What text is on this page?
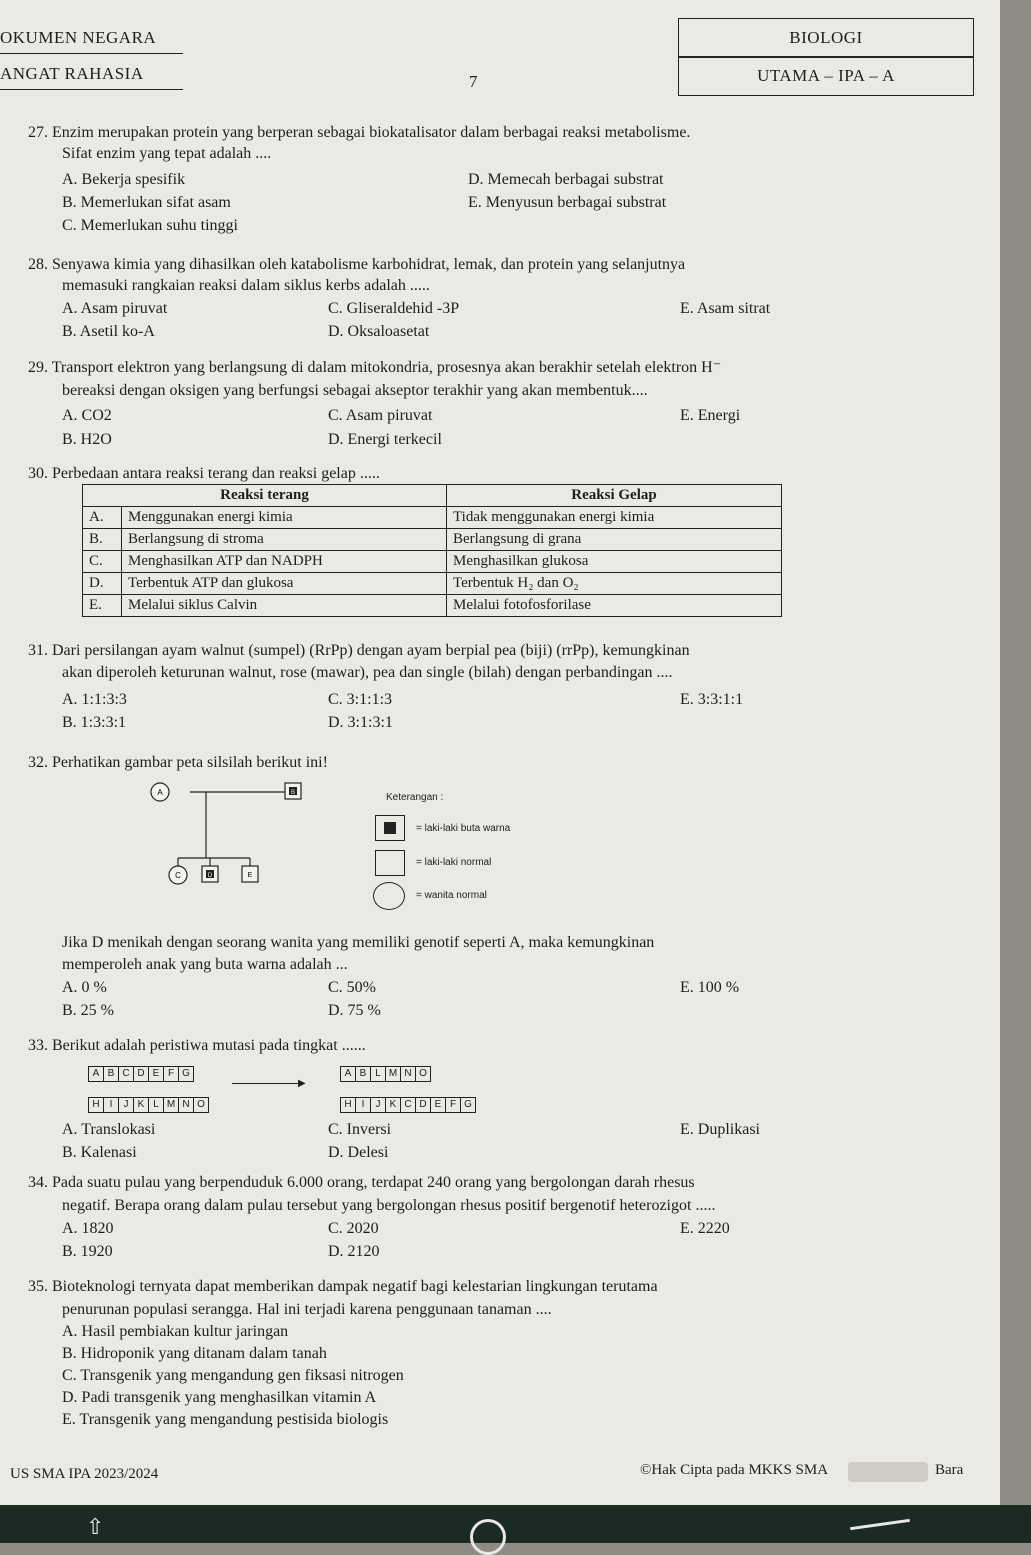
OKUMEN NEGARA
ANGAT RAHASIA	7
BIOLOGI
UTAMA – IPA – A
27. Enzim merupakan protein yang berperan sebagai biokatalisator dalam berbagai reaksi metabolisme.
Sifat enzim yang tepat adalah ....
A. Bekerja spesifik
B. Memerlukan sifat asam
C. Memerlukan suhu tinggi
D. Memecah berbagai substrat
E. Menyusun berbagai substrat
28. Senyawa kimia yang dihasilkan oleh katabolisme karbohidrat, lemak, dan protein yang selanjutnya
memasuki rangkaian reaksi dalam siklus kerbs adalah .....
A. Asam piruvat
B. Asetil ko-A
C. Gliseraldehid -3P
D. Oksaloasetat
E. Asam sitrat
29. Transport elektron yang berlangsung di dalam mitokondria, prosesnya akan berakhir setelah elektron H⁻
bereaksi dengan oksigen yang berfungsi sebagai akseptor terakhir yang akan membentuk....
A. CO2
B. H2O
C. Asam piruvat
D. Energi terkecil
E. Energi
30. Perbedaan antara reaksi terang dan reaksi gelap .....
Reaksi terang		Reaksi Gelap
A.	Menggunakan energi kimia	Tidak menggunakan energi kimia
B.	Berlangsung di stroma	Berlangsung di grana
C.	Menghasilkan ATP dan NADPH	Menghasilkan glukosa
D.	Terbentuk ATP dan glukosa	Terbentuk H₂ dan O₂
E.	Melalui siklus Calvin	Melalui fotofosforilase
31. Dari persilangan ayam walnut (sumpel) (RrPp) dengan ayam berpial pea (biji) (rrPp), kemungkinan
akan diperoleh keturunan walnut, rose (mawar), pea dan single (bilah) dengan perbandingan ....
A. 1:1:3:3
B. 1:3:3:1
C. 3:1:1:3
D. 3:1:3:1
E. 3:3:1:1
32. Perhatikan gambar peta silsilah berikut ini!
A	B
C	D	E
Keterangan :
= laki-laki buta warna
= laki-laki normal
= wanita normal
Jika D menikah dengan seorang wanita yang memiliki genotif seperti A, maka kemungkinan
memperoleh anak yang buta warna adalah ...
A. 0 %
B. 25 %
C. 50%
D. 75 %
E. 100 %
33. Berikut adalah peristiwa mutasi pada tingkat ......
A B C D E F G
H	I	J K L M N O
▶
A B L M N O
H	I	J K C D E F G
A. Translokasi
B. Kalenasi
C. Inversi
D. Delesi
E. Duplikasi
34. Pada suatu pulau yang berpenduduk 6.000 orang, terdapat 240 orang yang bergolongan darah rhesus
negatif. Berapa orang dalam pulau tersebut yang bergolongan rhesus positif bergenotif heterozigot .....
A. 1820
B. 1920
C. 2020
D. 2120
E. 2220
35. Bioteknologi ternyata dapat memberikan dampak negatif bagi kelestarian lingkungan terutama
penurunan populasi serangga. Hal ini terjadi karena penggunaan tanaman ....
A. Hasil pembiakan kultur jaringan
B. Hidroponik yang ditanam dalam tanah
C. Transgenik yang mengandung gen fiksasi nitrogen
D. Padi transgenik yang menghasilkan vitamin A
E. Transgenik yang mengandung pestisida biologis
US SMA IPA 2023/2024	©Hak Cipta pada MKKS SMA	Bara
⇧
